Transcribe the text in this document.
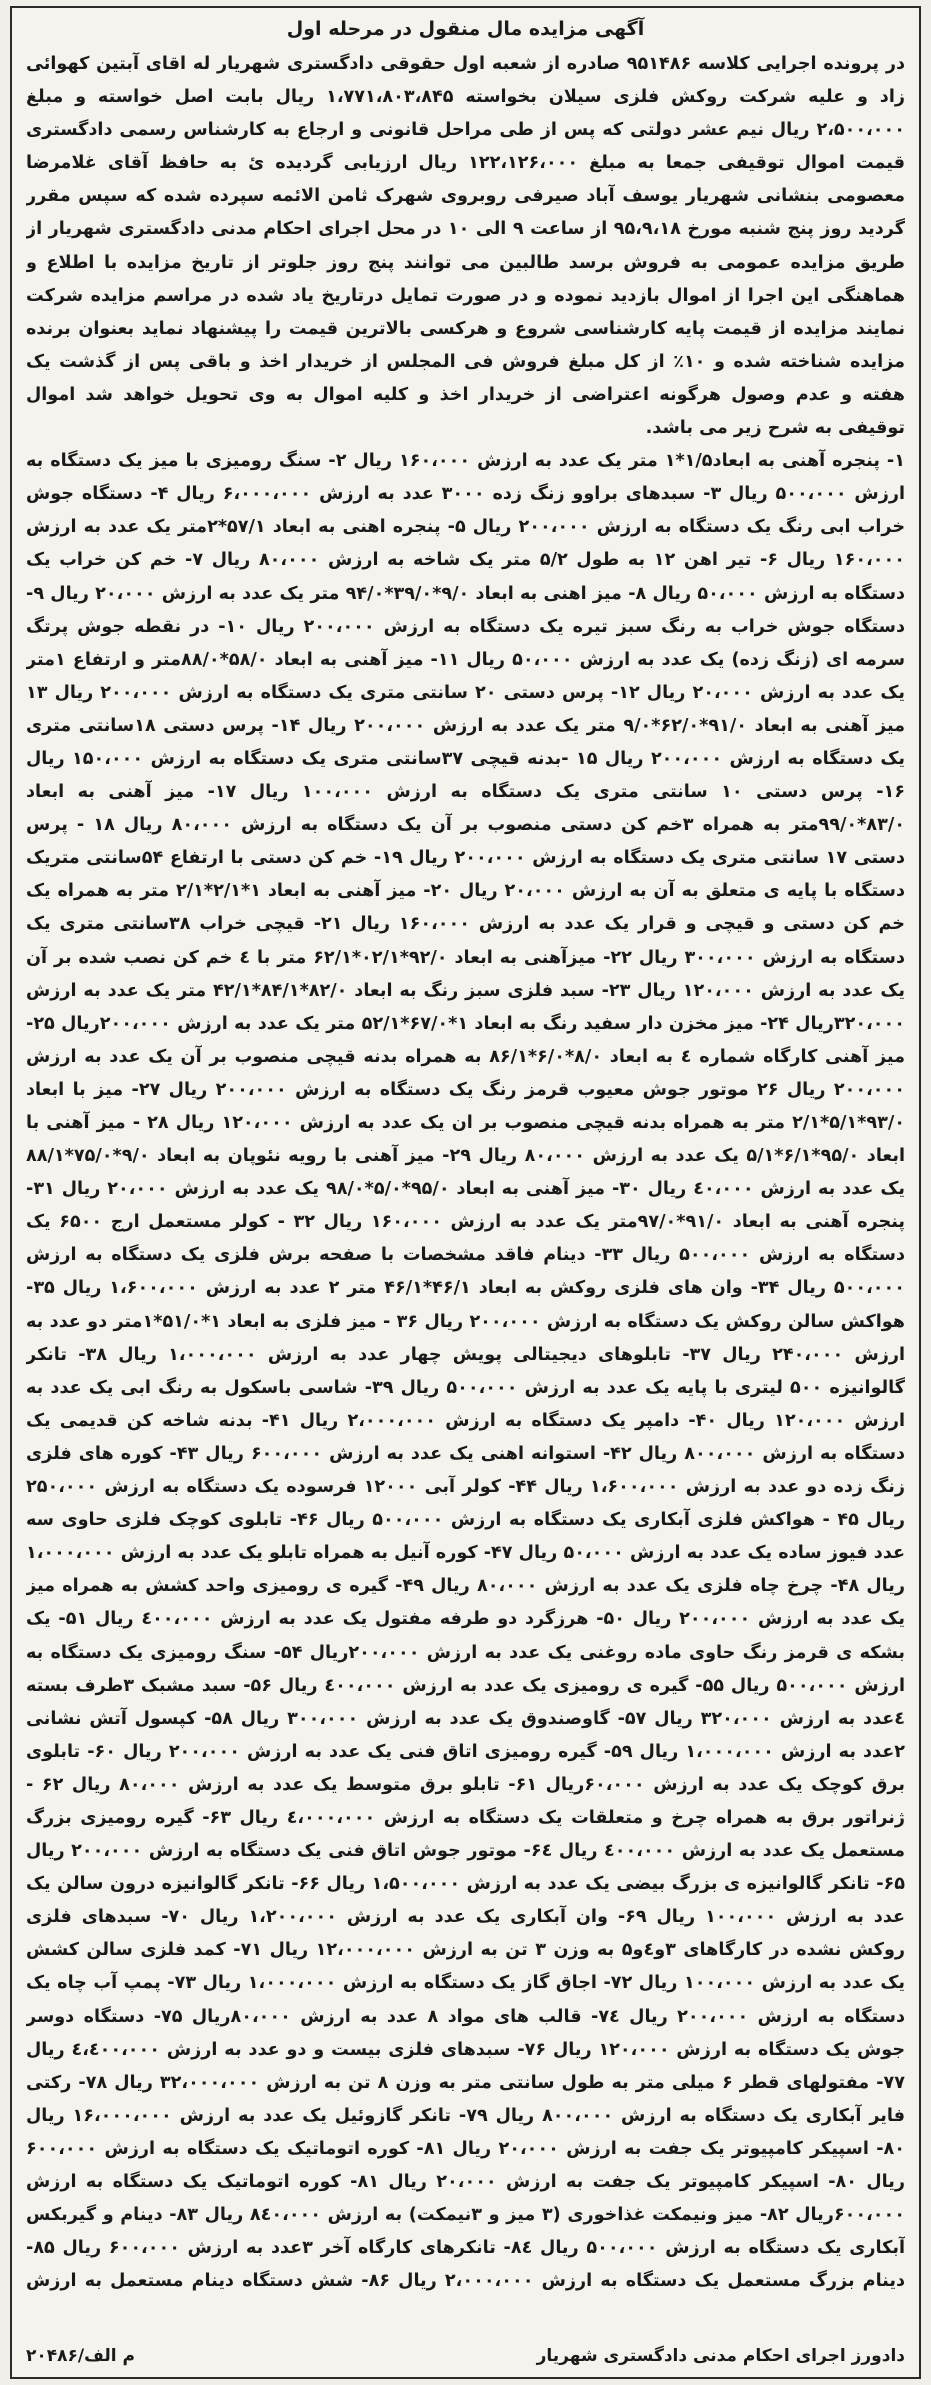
آگهی مزایده مال منقول در مرحله اول

در پرونده اجرایی کلاسه ۹۵۱۴۸۶ صادره از شعبه اول حقوقی دادگستری شهریار له اقای آبتین کهوائی زاد و علیه شرکت روکش فلزی سیلان بخواسته ۱،۷۷۱،۸۰۳،۸۴۵ ریال بابت اصل خواسته و مبلغ ۲،۵۰۰،۰۰۰ ریال نیم عشر دولتی که پس از طی مراحل قانونی و ارجاع به کارشناس رسمی دادگستری قیمت اموال توقیفی جمعا به مبلغ ۱۲۲،۱۲۶،۰۰۰ ریال ارزیابی گردیده ئ به حافظ آقای غلامرضا معصومی بنشانی شهریار یوسف آباد صیرفی روبروی شهرک ثامن الائمه سپرده شده که سپس مقرر گردید روز پنج شنبه مورخ ۹۵،۹،۱۸ از ساعت ۹ الی ۱۰ در محل اجرای احکام مدنی دادگستری شهریار از طریق مزایده عمومی به فروش برسد طالبین می توانند پنج روز جلوتر از تاریخ مزایده با اطلاع و هماهنگی این اجرا از اموال بازدید نموده و در صورت تمایل درتاریخ یاد شده در مراسم مزایده شرکت نمایند مزایده از قیمت پایه کارشناسی شروع و هرکسی بالاترین قیمت را پیشنهاد نماید بعنوان برنده مزایده شناخته شده و ۱۰٪ از کل مبلغ فروش فی المجلس از خریدار اخذ و باقی پس از گذشت یک هفته و عدم وصول هرگونه اعتراضی از خریدار اخذ و کلیه اموال به وی تحویل خواهد شد اموال توقیفی به شرح زیر می باشد.

۱- پنجره آهنی به ابعاد۱/۵*۱ متر یک عدد به ارزش ۱۶۰،۰۰۰ ریال ۲- سنگ رومیزی با میز یک دستگاه به ارزش ۵۰۰،۰۰۰ ریال ۳- سبدهای براوو زنگ زده ۳۰۰۰ عدد به ارزش ۶،۰۰۰،۰۰۰ ریال ۴- دستگاه جوش خراب ابی رنگ یک دستگاه به ارزش ۲۰۰،۰۰۰ ریال ۵- پنجره اهنی به ابعاد ۵۷/۱*۲متر یک عدد به ارزش ۱۶۰،۰۰۰ ریال ۶- تیر اهن ۱۲ به طول ۵/۲ متر یک شاخه به ارزش ۸۰،۰۰۰ ریال ۷- خم کن خراب یک دستگاه به ارزش ۵۰،۰۰۰ ریال ۸- میز اهنی به ابعاد ۹/۰*۳۹/۰*۹۴/۰ متر یک عدد به ارزش ۲۰،۰۰۰ ریال ۹- دستگاه جوش خراب به رنگ سبز تیره یک دستگاه به ارزش ۲۰۰،۰۰۰ ریال ۱۰- در نقطه جوش پرتگ سرمه ای (زنگ زده) یک عدد به ارزش ۵۰،۰۰۰ ریال ۱۱- میز آهنی به ابعاد ۵۸/۰*۸۸/۰متر و ارتفاع ۱متر یک عدد به ارزش ۲۰،۰۰۰ ریال ۱۲- پرس دستی ۲۰ سانتی متری یک دستگاه به ارزش ۲۰۰،۰۰۰ ریال ۱۳ میز آهنی به ابعاد ۹۱/۰*۶۲/۰*۹/۰ متر یک عدد به ارزش ۲۰۰،۰۰۰ ریال ۱۴- پرس دستی ۱۸سانتی متری یک دستگاه به ارزش ۲۰۰،۰۰۰ ریال ۱۵ -بدنه قیچی ۳۷سانتی متری یک دستگاه به ارزش ۱۵۰،۰۰۰ ریال ۱۶- پرس دستی ۱۰ سانتی متری یک دستگاه به ارزش ۱۰۰،۰۰۰ ریال ۱۷- میز آهنی به ابعاد ۸۳/۰*۹۹/۰متر به همراه ۳خم کن دستی منصوب بر آن یک دستگاه به ارزش ۸۰،۰۰۰ ریال ۱۸ - پرس دستی ۱۷ سانتی متری یک دستگاه به ارزش ۲۰۰،۰۰۰ ریال ۱۹- خم کن دستی با ارتفاع ۵۴سانتی متریک دستگاه با پایه ی متعلق به آن به ارزش ۲۰،۰۰۰ ریال ۲۰- میز آهنی به ابعاد ۱*۲/۱*۲/۱ متر به همراه یک خم کن دستی و قیچی و قرار یک عدد به ارزش ۱۶۰،۰۰۰ ریال ۲۱- قیچی خراب ۳۸سانتی متری یک دستگاه به ارزش ۳۰۰،۰۰۰ ریال ۲۲- میزآهنی به ابعاد ۹۲/۰*۰۲/۱*۶۲/۱ متر با ٤ خم کن نصب شده بر آن یک عدد به ارزش ۱۲۰،۰۰۰ ریال ۲۳- سبد فلزی سبز رنگ به ابعاد ۸۲/۰*۸۴/۱*۴۲/۱ متر یک عدد به ارزش ۳۲۰،۰۰۰ریال ۲۴- میز مخزن دار سفید رنگ به ابعاد ۱*۶۷/۰*۵۲/۱ متر یک عدد به ارزش ۲۰۰،۰۰۰ریال ۲۵- میز آهنی کارگاه شماره ٤ به ابعاد ۸/۰*۶/۰*۸۶/۱ به همراه بدنه قیچی منصوب بر آن یک عدد به ارزش ۲۰۰،۰۰۰ ریال ۲۶ موتور جوش معیوب قرمز رنگ یک دستگاه به ارزش ۲۰۰،۰۰۰ ریال ۲۷- میز با ابعاد ۹۳/۰*۵/۱*۲/۱ متر به همراه بدنه قیچی منصوب بر ان یک عدد به ارزش ۱۲۰،۰۰۰ ریال ۲۸ - میز آهنی با ابعاد ۹۵/۰*۶/۱*۵/۱ یک عدد به ارزش ۸۰،۰۰۰ ریال ۲۹- میز آهنی با رویه نئوپان به ابعاد ۹/۰*۷۵/۰*۸۸/۱ یک عدد به ارزش ٤۰،۰۰۰ ریال ۳۰- میز آهنی به ابعاد ۹۵/۰*۵/۰*۹۸/۰ یک عدد به ارزش ۲۰،۰۰۰ ریال ۳۱- پنجره آهنی به ابعاد ۹۱/۰*۹۷/۰متر یک عدد به ارزش ۱۶۰،۰۰۰ ریال ۳۲ - کولر مستعمل ارج ۶۵۰۰ یک دستگاه به ارزش ۵۰۰،۰۰۰ ریال ۳۳- دینام فاقد مشخصات با صفحه برش فلزی یک دستگاه به ارزش ۵۰۰،۰۰۰ ریال ۳۴- وان های فلزی روکش به ابعاد ۴۶/۱*۴۶/۱ متر ۲ عدد به ارزش ۱،۶۰۰،۰۰۰ ریال ۳۵- هواکش سالن روکش یک دستگاه به ارزش ۲۰۰،۰۰۰ ریال ۳۶ - میز فلزی به ابعاد ۱*۵۱/۰*۱متر دو عدد به ارزش ۲۴۰،۰۰۰ ریال ۳۷- تابلوهای دیجیتالی پویش چهار عدد به ارزش ۱،۰۰۰،۰۰۰ ریال ۳۸- تانکر گالوانیزه ۵۰۰ لیتری با پایه یک عدد به ارزش ۵۰۰،۰۰۰ ریال ۳۹- شاسی باسکول به رنگ ابی یک عدد به ارزش ۱۲۰،۰۰۰ ریال ۴۰- دامپر یک دستگاه به ارزش ۲،۰۰۰،۰۰۰ ریال ۴۱- بدنه شاخه کن قدیمی یک دستگاه به ارزش ۸۰۰،۰۰۰ ریال ۴۲- استوانه اهنی یک عدد به ارزش ۶۰۰،۰۰۰ ریال ۴۳- کوره های فلزی زنگ زده دو عدد به ارزش ۱،۶۰۰،۰۰۰ ریال ۴۴- کولر آبی ۱۲۰۰۰ فرسوده یک دستگاه به ارزش ۲۵۰،۰۰۰ ریال ۴۵ - هواکش فلزی آبکاری یک دستگاه به ارزش ۵۰۰،۰۰۰ ریال ۴۶- تابلوی کوچک فلزی حاوی سه عدد فیوز ساده یک عدد به ارزش ۵۰،۰۰۰ ریال ۴۷- کوره آنیل به همراه تابلو یک عدد به ارزش ۱،۰۰۰،۰۰۰ ریال ۴۸- چرخ چاه فلزی یک عدد به ارزش ۸۰،۰۰۰ ریال ۴۹- گیره ی رومیزی واحد کشش به همراه میز یک عدد به ارزش ۲۰۰،۰۰۰ ریال ۵۰- هرزگرد دو طرفه مفتول یک عدد به ارزش ٤۰۰،۰۰۰ ریال ۵۱- یک بشکه ی قرمز رنگ حاوی ماده روغنی یک عدد به ارزش ۲۰۰،۰۰۰ریال ۵۴- سنگ رومیزی یک دستگاه به ارزش ۵۰۰،۰۰۰ ریال ۵۵- گیره ی رومیزی یک عدد به ارزش ٤۰۰،۰۰۰ ریال ۵۶- سبد مشبک ۳طرف بسته ٤عدد به ارزش ۳۲۰،۰۰۰ ریال ۵۷- گاوصندوق یک عدد به ارزش ۳۰۰،۰۰۰ ریال ۵۸- کپسول آتش نشانی ۲عدد به ارزش ۱،۰۰۰،۰۰۰ ریال ۵۹- گیره رومیزی اتاق فنی یک عدد به ارزش ۲۰۰،۰۰۰ ریال ۶۰- تابلوی برق کوچک یک عدد به ارزش ۶۰،۰۰۰ریال ۶۱- تابلو برق متوسط یک عدد به ارزش ۸۰،۰۰۰ ریال ۶۲ - ژنراتور برق به همراه چرخ و متعلقات یک دستگاه به ارزش ٤،۰۰۰،۰۰۰ ریال ۶۳- گیره رومیزی بزرگ مستعمل یک عدد به ارزش ٤۰۰،۰۰۰ ریال ۶٤- موتور جوش اتاق فنی یک دستگاه به ارزش ۲۰۰،۰۰۰ ریال ۶۵- تانکر گالوانیزه ی بزرگ بیضی یک عدد به ارزش ۱،۵۰۰،۰۰۰ ریال ۶۶- تانکر گالوانیزه درون سالن یک عدد به ارزش ۱۰۰،۰۰۰ ریال ۶۹- وان آبکاری یک عدد به ارزش ۱،۲۰۰،۰۰۰ ریال ۷۰- سبدهای فلزی روکش نشده در کارگاهای ۳و٤و۵ به وزن ۳ تن به ارزش ۱۲،۰۰۰،۰۰۰ ریال ۷۱- کمد فلزی سالن کشش یک عدد به ارزش ۱۰۰،۰۰۰ ریال ۷۲- اجاق گاز یک دستگاه به ارزش ۱،۰۰۰،۰۰۰ ریال ۷۳- پمپ آب چاه یک دستگاه به ارزش ۲۰۰،۰۰۰ ریال ۷٤- قالب های مواد ۸ عدد به ارزش ۸۰،۰۰۰ریال ۷۵- دستگاه دوسر جوش یک دستگاه به ارزش ۱۲۰،۰۰۰ ریال ۷۶- سبدهای فلزی بیست و دو عدد به ارزش ٤،٤۰۰،۰۰۰ ریال ۷۷- مفتولهای قطر ۶ میلی متر به طول سانتی متر به وزن ۸ تن به ارزش ۳۲،۰۰۰،۰۰۰ ریال ۷۸- رکتی فایر آبکاری یک دستگاه به ارزش ۸۰۰،۰۰۰ ریال ۷۹- تانکر گازوئیل یک عدد به ارزش ۱۶،۰۰۰،۰۰۰ ریال ۸۰- اسپیکر کامپیوتر یک جفت به ارزش ۲۰،۰۰۰ ریال ۸۱- کوره اتوماتیک یک دستگاه به ارزش ۶۰۰،۰۰۰ ریال ۸۰- اسپیکر کامپیوتر یک جفت به ارزش ۲۰،۰۰۰ ریال ۸۱- کوره اتوماتیک یک دستگاه به ارزش ۶۰۰،۰۰۰ریال ۸۲- میز ونیمکت غذاخوری (۳ میز و ۳نیمکت) به ارزش ۸٤۰،۰۰۰ ریال ۸۳- دینام و گیربکس آبکاری یک دستگاه به ارزش ۵۰۰،۰۰۰ ریال ۸٤- تانکرهای کارگاه آخر ۳عدد به ارزش ۶۰۰،۰۰۰ ریال ۸۵- دینام بزرگ مستعمل یک دستگاه به ارزش ۲،۰۰۰،۰۰۰ ریال ۸۶- شش دستگاه دینام مستعمل به ارزش

دادورز اجرای احکام مدنی دادگستری شهریار
۲۰۴۸۶/م الف
